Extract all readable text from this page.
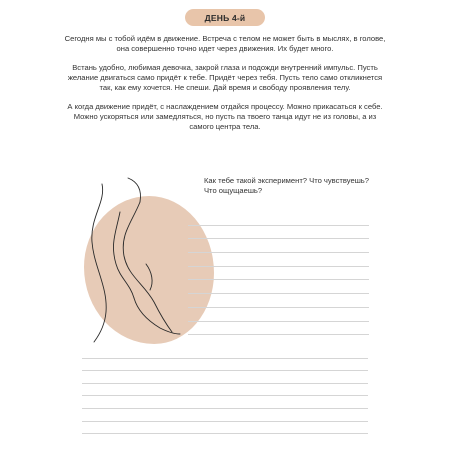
ДЕНЬ 4-й

Сегодня мы с тобой идём в движение. Встреча с телом не может быть в мыслях, в голове, она совершенно точно идет через движения. Их будет много.

Встань удобно, любимая девочка, закрой глаза и подожди внутренний импульс. Пусть желание двигаться само придёт к тебе. Придёт через тебя. Пусть тело само откликнется так, как ему хочется. Не спеши. Дай время и свободу проявления телу.

А когда движение придёт, с наслаждением отдайся процессу. Можно прикасаться к себе. Можно ускоряться или замедляться, но пусть па твоего танца идут не из головы, а из самого центра тела.

Как тебе такой эксперимент? Что чувствуешь?
Что ощущаешь?
